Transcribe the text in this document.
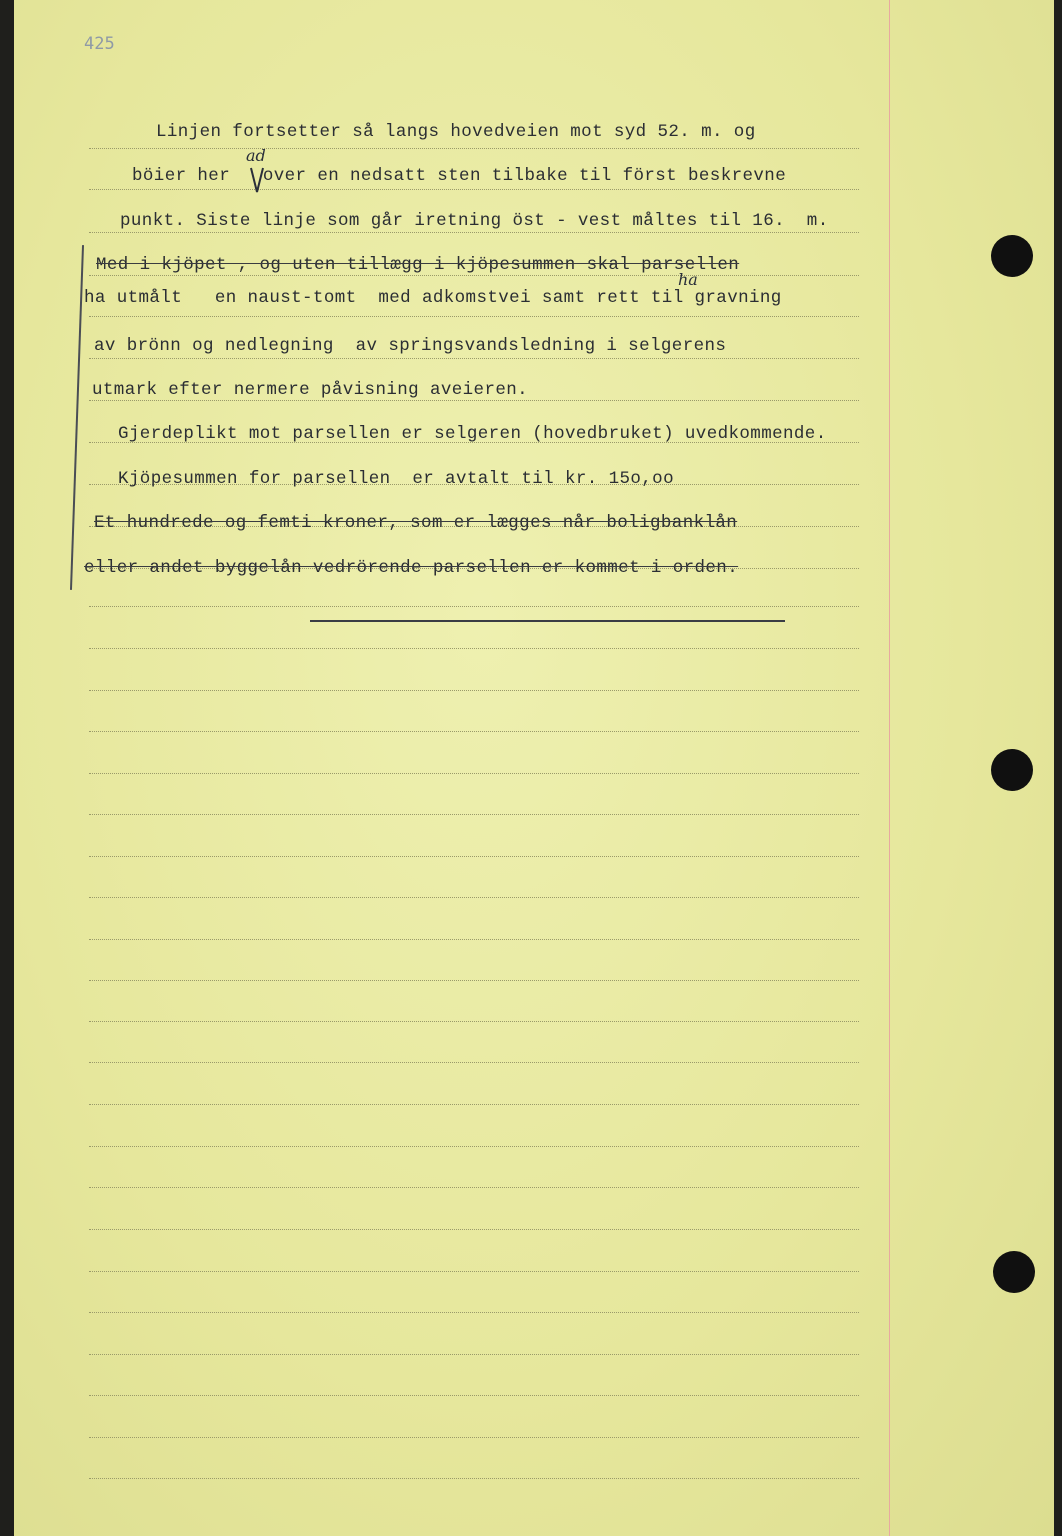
425
Linjen fortsetter så langs hovedveien mot syd 52. m. og
böier her   over en nedsatt sten tilbake til först beskrevne
punkt. Siste linje som går iretning öst - vest måltes til 16.  m.
Med i kjöpet , og uten tillægg i kjöpesummen skal parsellen
ha utmålt   en naust-tomt  med adkomstvei samt rett til gravning
av brönn og nedlegning  av springsvandsledning i selgerens
utmark efter nermere påvisning aveieren.
Gjerdeplikt mot parsellen er selgeren (hovedbruket) uvedkommende.
Kjöpesummen for parsellen  er avtalt til kr. 15o,oo
Et hundrede og femti kroner, som er lægges når boligbanklån
eller andet byggelån vedrörende parsellen er kommet i orden.
ad
ha
